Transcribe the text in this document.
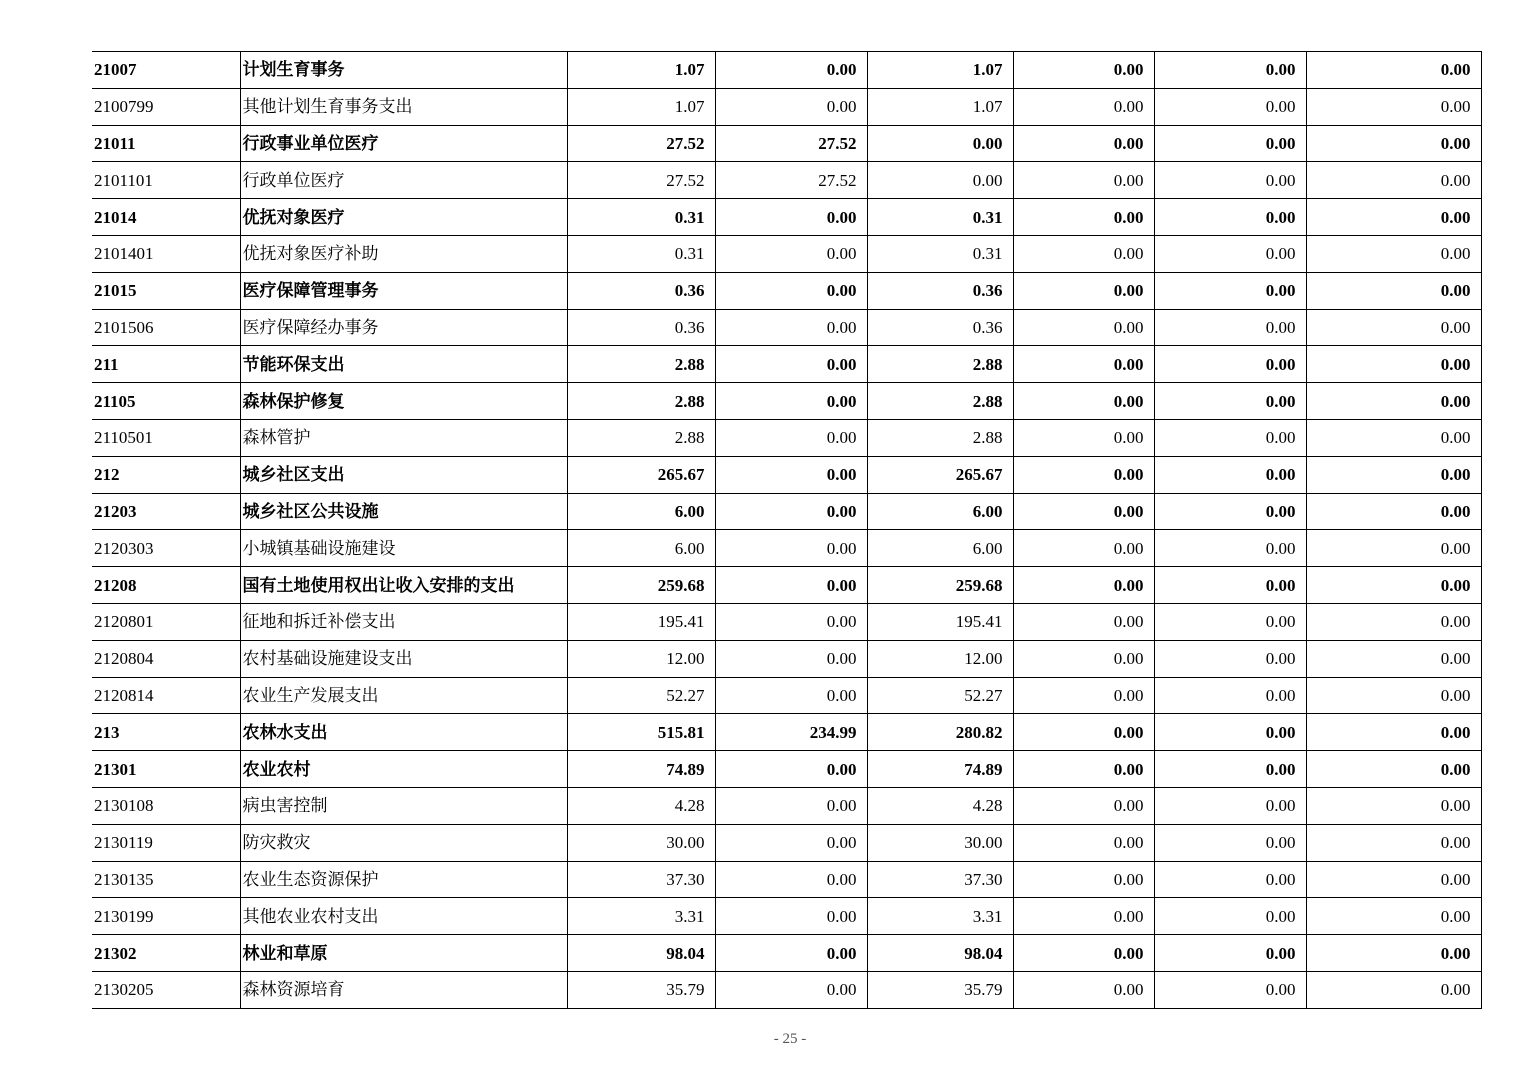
21007	计划生育事务	1.07	0.00	1.07	0.00	0.00	0.00
2100799	其他计划生育事务支出	1.07	0.00	1.07	0.00	0.00	0.00
21011	行政事业单位医疗	27.52	27.52	0.00	0.00	0.00	0.00
2101101	行政单位医疗	27.52	27.52	0.00	0.00	0.00	0.00
21014	优抚对象医疗	0.31	0.00	0.31	0.00	0.00	0.00
2101401	优抚对象医疗补助	0.31	0.00	0.31	0.00	0.00	0.00
21015	医疗保障管理事务	0.36	0.00	0.36	0.00	0.00	0.00
2101506	医疗保障经办事务	0.36	0.00	0.36	0.00	0.00	0.00
211	节能环保支出	2.88	0.00	2.88	0.00	0.00	0.00
21105	森林保护修复	2.88	0.00	2.88	0.00	0.00	0.00
2110501	森林管护	2.88	0.00	2.88	0.00	0.00	0.00
212	城乡社区支出	265.67	0.00	265.67	0.00	0.00	0.00
21203	城乡社区公共设施	6.00	0.00	6.00	0.00	0.00	0.00
2120303	小城镇基础设施建设	6.00	0.00	6.00	0.00	0.00	0.00
21208	国有土地使用权出让收入安排的支出	259.68	0.00	259.68	0.00	0.00	0.00
2120801	征地和拆迁补偿支出	195.41	0.00	195.41	0.00	0.00	0.00
2120804	农村基础设施建设支出	12.00	0.00	12.00	0.00	0.00	0.00
2120814	农业生产发展支出	52.27	0.00	52.27	0.00	0.00	0.00
213	农林水支出	515.81	234.99	280.82	0.00	0.00	0.00
21301	农业农村	74.89	0.00	74.89	0.00	0.00	0.00
2130108	病虫害控制	4.28	0.00	4.28	0.00	0.00	0.00
2130119	防灾救灾	30.00	0.00	30.00	0.00	0.00	0.00
2130135	农业生态资源保护	37.30	0.00	37.30	0.00	0.00	0.00
2130199	其他农业农村支出	3.31	0.00	3.31	0.00	0.00	0.00
21302	林业和草原	98.04	0.00	98.04	0.00	0.00	0.00
2130205	森林资源培育	35.79	0.00	35.79	0.00	0.00	0.00
- 25 -
